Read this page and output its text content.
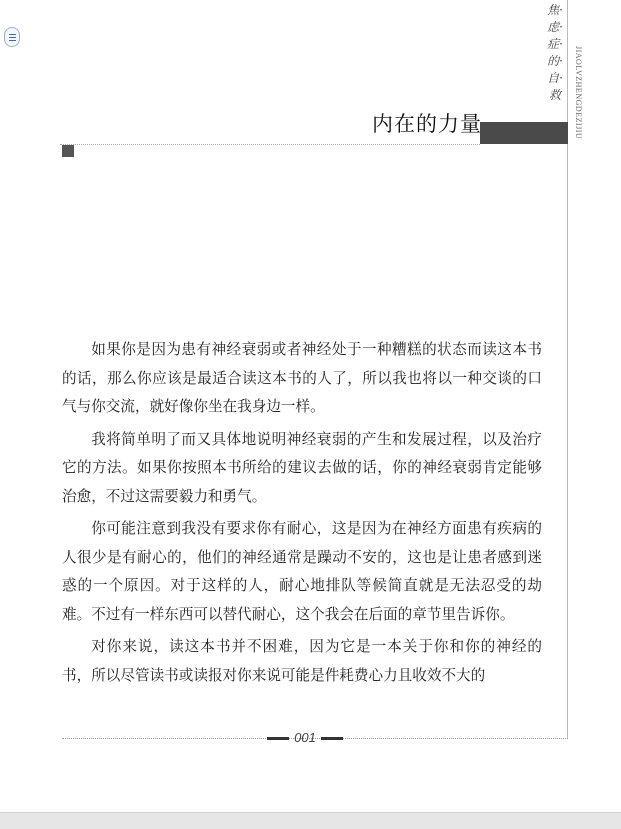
焦·虑·症·的·自·救	JIAOLVZHENGDEZIJIU
内在的力量

如果你是因为患有神经衰弱或者神经处于一种糟糕的状态而读这本书的话，那么你应该是最适合读这本书的人了，所以我也将以一种交谈的口气与你交流，就好像你坐在我身边一样。

我将简单明了而又具体地说明神经衰弱的产生和发展过程，以及治疗它的方法。如果你按照本书所给的建议去做的话，你的神经衰弱肯定能够治愈，不过这需要毅力和勇气。

你可能注意到我没有要求你有耐心，这是因为在神经方面患有疾病的人很少是有耐心的，他们的神经通常是躁动不安的，这也是让患者感到迷惑的一个原因。对于这样的人，耐心地排队等候简直就是无法忍受的劫难。不过有一样东西可以替代耐心，这个我会在后面的章节里告诉你。

对你来说，读这本书并不困难，因为它是一本关于你和你的神经的书，所以尽管读书或读报对你来说可能是件耗费心力且收效不大的

001
